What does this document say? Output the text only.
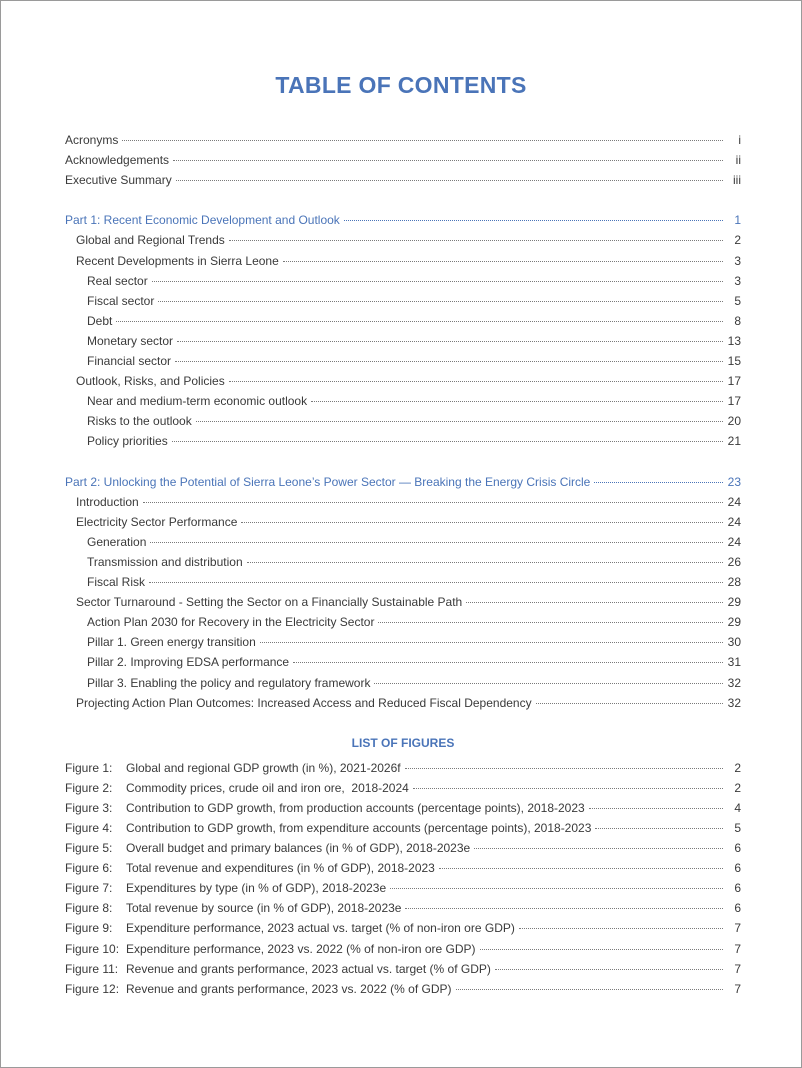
TABLE OF CONTENTS
Acronyms	i
Acknowledgements	ii
Executive Summary	iii
Part 1: Recent Economic Development and Outlook	1
Global and Regional Trends	2
Recent Developments in Sierra Leone	3
Real sector	3
Fiscal sector	5
Debt	8
Monetary sector	13
Financial sector	15
Outlook, Risks, and Policies	17
Near and medium-term economic outlook	17
Risks to the outlook	20
Policy priorities	21
Part 2: Unlocking the Potential of Sierra Leone’s Power Sector — Breaking the Energy Crisis Circle	23
Introduction	24
Electricity Sector Performance	24
Generation	24
Transmission and distribution	26
Fiscal Risk	28
Sector Turnaround - Setting the Sector on a Financially Sustainable Path	29
Action Plan 2030 for Recovery in the Electricity Sector	29
Pillar 1. Green energy transition	30
Pillar 2. Improving EDSA performance	31
Pillar 3. Enabling the policy and regulatory framework	32
Projecting Action Plan Outcomes: Increased Access and Reduced Fiscal Dependency	32
LIST OF FIGURES
Figure 1:	Global and regional GDP growth (in %), 2021-2026f	2
Figure 2:	Commodity prices, crude oil and iron ore,  2018-2024	2
Figure 3:	Contribution to GDP growth, from production accounts (percentage points), 2018-2023	4
Figure 4:	Contribution to GDP growth, from expenditure accounts (percentage points), 2018-2023	5
Figure 5:	Overall budget and primary balances (in % of GDP), 2018-2023e	6
Figure 6:	Total revenue and expenditures (in % of GDP), 2018-2023	6
Figure 7:	Expenditures by type (in % of GDP), 2018-2023e	6
Figure 8:	Total revenue by source (in % of GDP), 2018-2023e	6
Figure 9:	Expenditure performance, 2023 actual vs. target (% of non-iron ore GDP)	7
Figure 10: Expenditure performance, 2023 vs. 2022 (% of non-iron ore GDP)	7
Figure 11: Revenue and grants performance, 2023 actual vs. target (% of GDP)	7
Figure 12: Revenue and grants performance, 2023 vs. 2022 (% of GDP)	7
